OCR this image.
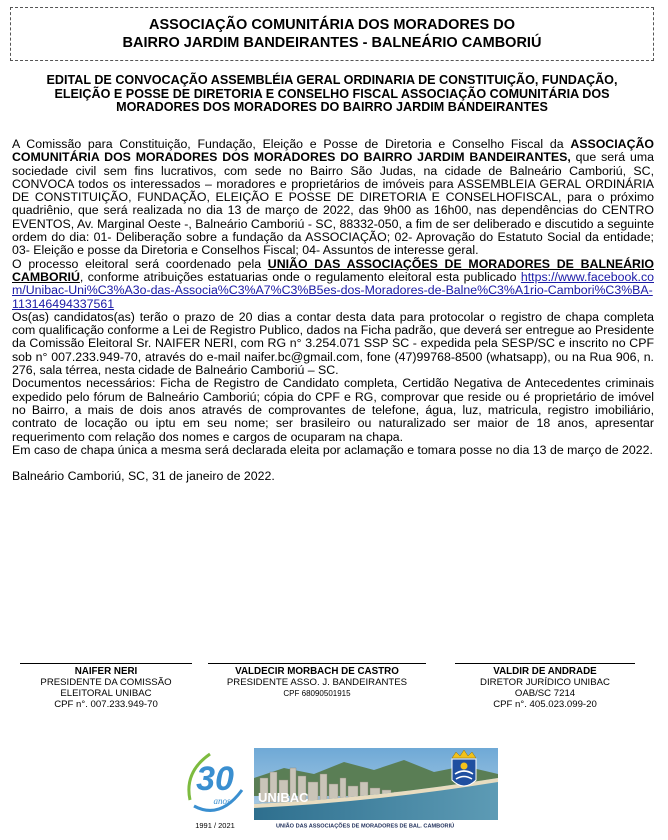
ASSOCIAÇÃO COMUNITÁRIA DOS MORADORES DO
BAIRRO JARDIM BANDEIRANTES - BALNEÁRIO CAMBORIÚ
EDITAL DE CONVOCAÇÃO ASSEMBLÉIA GERAL ORDINARIA DE CONSTITUIÇÃO, FUNDAÇÃO,
ELEIÇÃO E POSSE DE DIRETORIA E CONSELHO FISCAL ASSOCIAÇÃO COMUNITÁRIA DOS
MORADORES DOS MORADORES DO BAIRRO JARDIM BANDEIRANTES

A Comissão para Constituição, Fundação, Eleição e Posse de Diretoria e Conselho Fiscal da ASSOCIAÇÃO COMUNITÁRIA DOS MORADORES DOS MORADORES DO BAIRRO JARDIM BANDEIRANTES, que será uma sociedade civil sem fins lucrativos, com sede no Bairro São Judas, na cidade de Balneário Camboriú, SC, CONVOCA todos os interessados – moradores e proprietários de imóveis para ASSEMBLEIA GERAL ORDINÁRIA DE CONSTITUIÇÃO, FUNDAÇÃO, ELEIÇÃO E POSSE DE DIRETORIA E CONSELHOFISCAL, para o próximo quadriênio, que será realizada no dia 13 de março de 2022, das 9h00 as 16h00, nas dependências do CENTRO EVENTOS, Av. Marginal Oeste -, Balneário Camboriú - SC, 88332-050, a fim de ser deliberado e discutido a seguinte ordem do dia: 01- Deliberação sobre a fundação da ASSOCIAÇÃO; 02- Aprovação do Estatuto Social da entidade; 03- Eleição e posse da Diretoria e Conselhos Fiscal; 04- Assuntos de interesse geral.

O processo eleitoral será coordenado pela UNIÃO DAS ASSOCIAÇÕES DE MORADORES DE BALNEÁRIO CAMBORIÚ, conforme atribuições estatuarias onde o regulamento eleitoral esta publicado https://www.facebook.com/Unibac-Uni%C3%A3o-das-Associa%C3%A7%C3%B5es-dos-Moradores-de-Balne%C3%A1rio-Cambori%C3%BA-113146494337561

Os(as) candidatos(as) terão o prazo de 20 dias a contar desta data para protocolar o registro de chapa completa com qualificação conforme a Lei de Registro Publico, dados na Ficha padrão, que deverá ser entregue ao Presidente da Comissão Eleitoral Sr. NAIFER NERI, com RG n° 3.254.071 SSP SC - expedida pela SESP/SC e inscrito no CPF sob n° 007.233.949-70, através do e-mail naifer.bc@gmail.com, fone (47)99768-8500 (whatsapp), ou na Rua 906, n. 276, sala térrea, nesta cidade de Balneário Camboriú – SC.

Documentos necessários: Ficha de Registro de Candidato completa, Certidão Negativa de Antecedentes criminais expedido pelo fórum de Balneário Camboriú; cópia do CPF e RG, comprovar que reside ou é proprietário de imóvel no Bairro, a mais de dois anos através de comprovantes de telefone, água, luz, matricula, registro imobiliário, contrato de locação ou iptu em seu nome; ser brasileiro ou naturalizado ser maior de 18 anos, apresentar requerimento com relação dos nomes e cargos de ocuparam na chapa.

Em caso de chapa única a mesma será declarada eleita por aclamação e tomara posse no dia 13 de março de 2022.

Balneário Camboriú, SC, 31 de janeiro de 2022.

NAIFER NERI
PRESIDENTE DA COMISSÃO
ELEITORAL UNIBAC
CPF n°. 007.233.949-70
VALDECIR MORBACH DE CASTRO
PRESIDENTE ASSO. J. BANDEIRANTES
CPF 68090501915
VALDIR DE ANDRADE
DIRETOR JURÍDICO UNIBAC
OAB/SC 7214
CPF n°. 405.023.099-20
30
anos
1991 / 2021
UNIBAC
UNIÃO DAS ASSOCIAÇÕES DE MORADORES DE BAL. CAMBORIÚ
